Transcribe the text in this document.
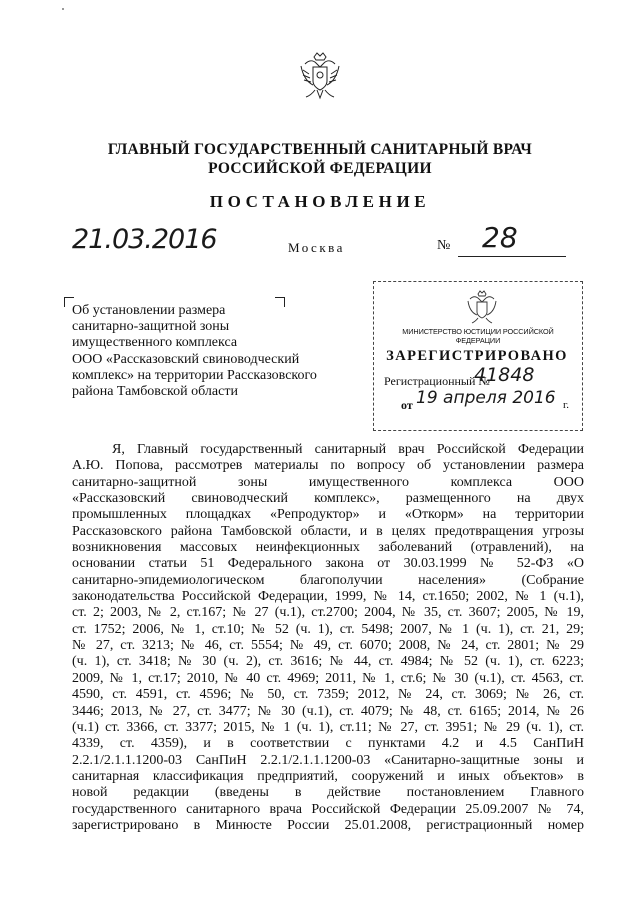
ГЛАВНЫЙ ГОСУДАРСТВЕННЫЙ САНИТАРНЫЙ ВРАЧ
РОССИЙСКОЙ ФЕДЕРАЦИИ
ПОСТАНОВЛЕНИЕ
21.03.2016	Москва	№ 28
Об установлении размера
санитарно-защитной зоны
имущественного комплекса
ООО «Рассказовский свиноводческий
комплекс» на территории Рассказовского
района Тамбовской области
МИНИСТЕРСТВО ЮСТИЦИИ РОССИЙСКОЙ ФЕДЕРАЦИИ
ЗАРЕГИСТРИРОВАНО
Регистрационный №
41848
от 19 апреля 2016 г.
Я, Главный государственный санитарный врач Российской Федерации
А.Ю. Попова, рассмотрев материалы по вопросу об установлении размера
санитарно-защитной зоны имущественного комплекса ООО
«Рассказовский свиноводческий комплекс», размещенного на двух
промышленных площадках «Репродуктор» и «Откорм» на территории
Рассказовского района Тамбовской области, и в целях предотвращения угрозы
возникновения массовых неинфекционных заболеваний (отравлений), на
основании статьи 51 Федерального закона от 30.03.1999 № 52-ФЗ «О
санитарно-эпидемиологическом благополучии населения» (Собрание
законодательства Российской Федерации, 1999, № 14, ст.1650; 2002, № 1 (ч.1),
ст. 2; 2003, № 2, ст.167; № 27 (ч.1), ст.2700; 2004, № 35, ст. 3607; 2005, № 19,
ст. 1752; 2006, № 1, ст.10; № 52 (ч. 1), ст. 5498; 2007, № 1 (ч. 1), ст. 21, 29;
№ 27, ст. 3213; № 46, ст. 5554; № 49, ст. 6070; 2008, № 24, ст. 2801; № 29
(ч. 1), ст. 3418; № 30 (ч. 2), ст. 3616; № 44, ст. 4984; № 52 (ч. 1), ст. 6223;
2009, № 1, ст.17; 2010, № 40 ст. 4969; 2011, № 1, ст.6; № 30 (ч.1), ст. 4563, ст.
4590, ст. 4591, ст. 4596; № 50, ст. 7359; 2012, № 24, ст. 3069; № 26, ст.
3446; 2013, № 27, ст. 3477; № 30 (ч.1), ст. 4079; № 48, ст. 6165; 2014, № 26
(ч.1) ст. 3366, ст. 3377; 2015, № 1 (ч. 1), ст.11; № 27, ст. 3951; № 29 (ч. 1), ст.
4339, ст. 4359), и в соответствии с пунктами 4.2 и 4.5 СанПиН
2.2.1/2.1.1.1200-03 СанПиН 2.2.1/2.1.1.1200-03 «Санитарно-защитные зоны и
санитарная классификация предприятий, сооружений и иных объектов» в
новой редакции (введены в действие постановлением Главного
государственного санитарного врача Российской Федерации 25.09.2007 № 74,
зарегистрировано в Минюсте России 25.01.2008, регистрационный номер
